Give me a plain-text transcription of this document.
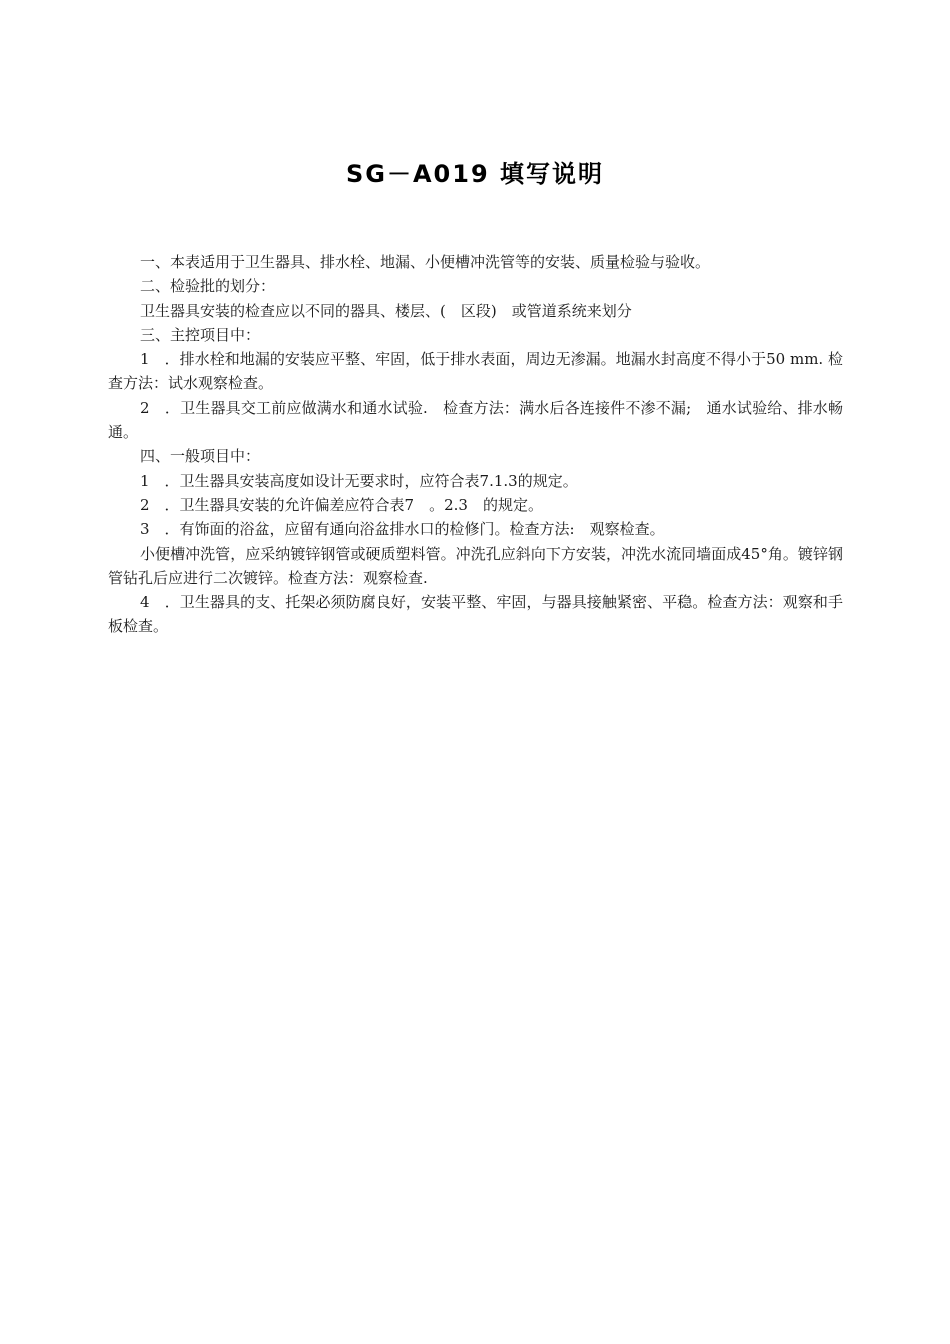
SG－A019 填写说明

一、本表适用于卫生器具、排水栓、地漏、小便槽冲洗管等的安装、质量检验与验收。

二、检验批的划分：

卫生器具安装的检查应以不同的器具、楼层、(　区段)　或管道系统来划分

三、主控项目中：

1　．排水栓和地漏的安装应平整、牢固，低于排水表面，周边无渗漏。地漏水封高度不得小于50 mm. 检查方法：试水观察检查。

2　．卫生器具交工前应做满水和通水试验.　检查方法：满水后各连接件不渗不漏;　通水试验给、排水畅通。

四、一般项目中：

1　．卫生器具安装高度如设计无要求时，应符合表7.1.3的规定。

2　．卫生器具安装的允许偏差应符合表7　。2.3　的规定。

3　．有饰面的浴盆，应留有通向浴盆排水口的检修门。检查方法:　观察检查。

小便槽冲洗管，应采纳镀锌钢管或硬质塑料管。冲洗孔应斜向下方安装，冲洗水流同墙面成45°角。镀锌钢管钻孔后应进行二次镀锌。检查方法：观察检查.

4　．卫生器具的支、托架必须防腐良好，安装平整、牢固，与器具接触紧密、平稳。检查方法：观察和手板检查。
